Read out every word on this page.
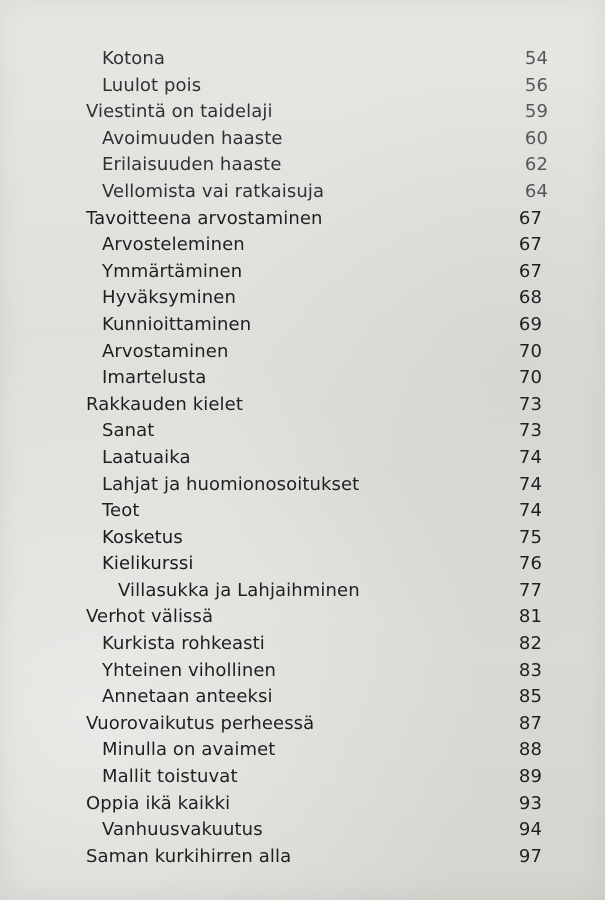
Kotona	54
Luulot pois	56
Viestintä on taidelaji	59
Avoimuuden haaste	60
Erilaisuuden haaste	62
Vellomista vai ratkaisuja	64
Tavoitteena arvostaminen	67
Arvosteleminen	67
Ymmärtäminen	67
Hyväksyminen	68
Kunnioittaminen	69
Arvostaminen	70
Imartelusta	70
Rakkauden kielet	73
Sanat	73
Laatuaika	74
Lahjat ja huomionosoitukset	74
Teot	74
Kosketus	75
Kielikurssi	76
Villasukka ja Lahjaihminen	77
Verhot välissä	81
Kurkista rohkeasti	82
Yhteinen vihollinen	83
Annetaan anteeksi	85
Vuorovaikutus perheessä	87
Minulla on avaimet	88
Mallit toistuvat	89
Oppia ikä kaikki	93
Vanhuusvakuutus	94
Saman kurkihirren alla	97
